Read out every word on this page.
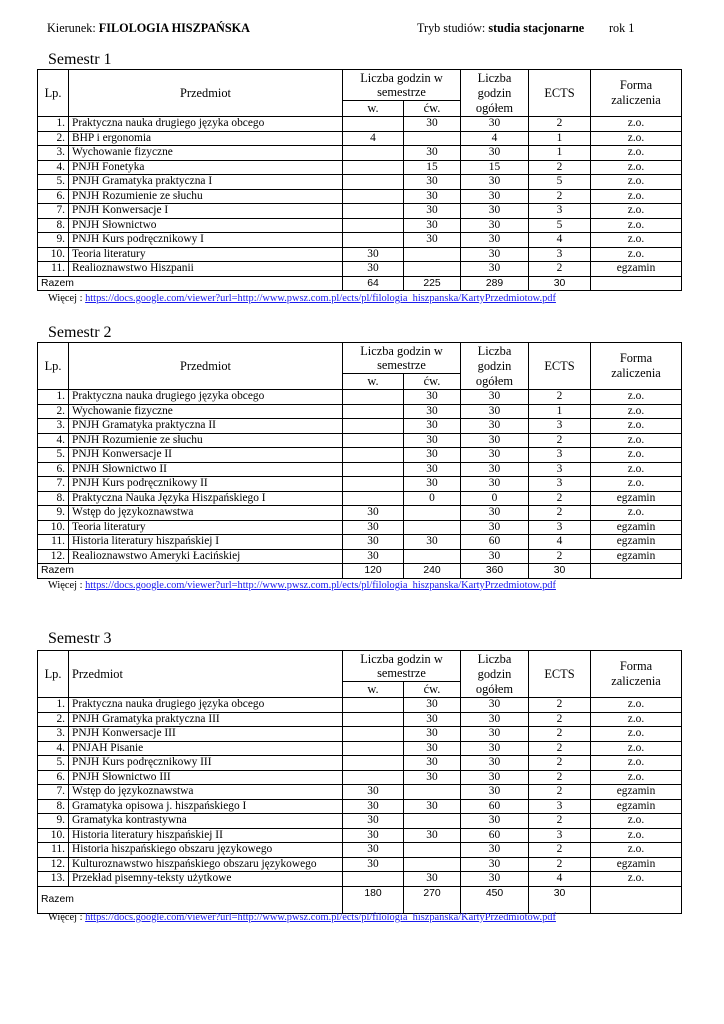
Kierunek: FILOLOGIA HISZPAŃSKA	Tryb studiów: studia stacjonarne rok 1
Semestr 1
Lp.	Przedmiot	Liczba godzin w semestrze		Liczba godzin ogółem	ECTS	Forma zaliczenia
		w.	ćw.			
1.	Praktyczna nauka drugiego języka obcego		30	30	2	z.o.
2.	BHP i ergonomia	4		4	1	z.o.
3.	Wychowanie fizyczne		30	30	1	z.o.
4.	PNJH Fonetyka		15	15	2	z.o.
5.	PNJH Gramatyka praktyczna I		30	30	5	z.o.
6.	PNJH Rozumienie ze słuchu		30	30	2	z.o.
7.	PNJH Konwersacje I		30	30	3	z.o.
8.	PNJH Słownictwo		30	30	5	z.o.
9.	PNJH Kurs podręcznikowy I		30	30	4	z.o.
10.	Teoria literatury	30		30	3	z.o.
11.	Realioznawstwo Hiszpanii	30		30	2	egzamin
Razem		64	225	289	30	
Więcej : https://docs.google.com/viewer?url=http://www.pwsz.com.pl/ects/pl/filologia_hiszpanska/KartyPrzedmiotow.pdf
Semestr 2
Lp.	Przedmiot	Liczba godzin w semestrze		Liczba godzin ogółem	ECTS	Forma zaliczenia
		w.	ćw.			
1.	Praktyczna nauka drugiego języka obcego		30	30	2	z.o.
2.	Wychowanie fizyczne		30	30	1	z.o.
3.	PNJH Gramatyka praktyczna II		30	30	3	z.o.
4.	PNJH Rozumienie ze słuchu		30	30	2	z.o.
5.	PNJH Konwersacje II		30	30	3	z.o.
6.	PNJH Słownictwo II		30	30	3	z.o.
7.	PNJH Kurs podręcznikowy II		30	30	3	z.o.
8.	Praktyczna Nauka Języka Hiszpańskiego I		0	0	2	egzamin
9.	Wstęp do językoznawstwa	30		30	2	z.o.
10.	Teoria literatury	30		30	3	egzamin
11.	Historia literatury hiszpańskiej I	30	30	60	4	egzamin
12.	Realioznawstwo Ameryki Łacińskiej	30		30	2	egzamin
Razem		120	240	360	30	
Więcej : https://docs.google.com/viewer?url=http://www.pwsz.com.pl/ects/pl/filologia_hiszpanska/KartyPrzedmiotow.pdf
Semestr 3
Lp.	Przedmiot	Liczba godzin w semestrze		Liczba godzin ogółem	ECTS	Forma zaliczenia
		w.	ćw.			
1.	Praktyczna nauka drugiego języka obcego		30	30	2	z.o.
2.	PNJH Gramatyka praktyczna III		30	30	2	z.o.
3.	PNJH Konwersacje III		30	30	2	z.o.
4.	PNJAH Pisanie		30	30	2	z.o.
5.	PNJH Kurs podręcznikowy III		30	30	2	z.o.
6.	PNJH Słownictwo III		30	30	2	z.o.
7.	Wstęp do językoznawstwa	30		30	2	egzamin
8.	Gramatyka opisowa j. hiszpańskiego I	30	30	60	3	egzamin
9.	Gramatyka kontrastywna	30		30	2	z.o.
10.	Historia literatury hiszpańskiej II	30	30	60	3	z.o.
11.	Historia hiszpańskiego obszaru językowego	30		30	2	z.o.
12.	Kulturoznawstwo hiszpańskiego obszaru językowego	30		30	2	egzamin
13.	Przekład pisemny-teksty użytkowe		30	30	4	z.o.
Razem		180	270	450	30	
Więcej : https://docs.google.com/viewer?url=http://www.pwsz.com.pl/ects/pl/filologia_hiszpanska/KartyPrzedmiotow.pdf
